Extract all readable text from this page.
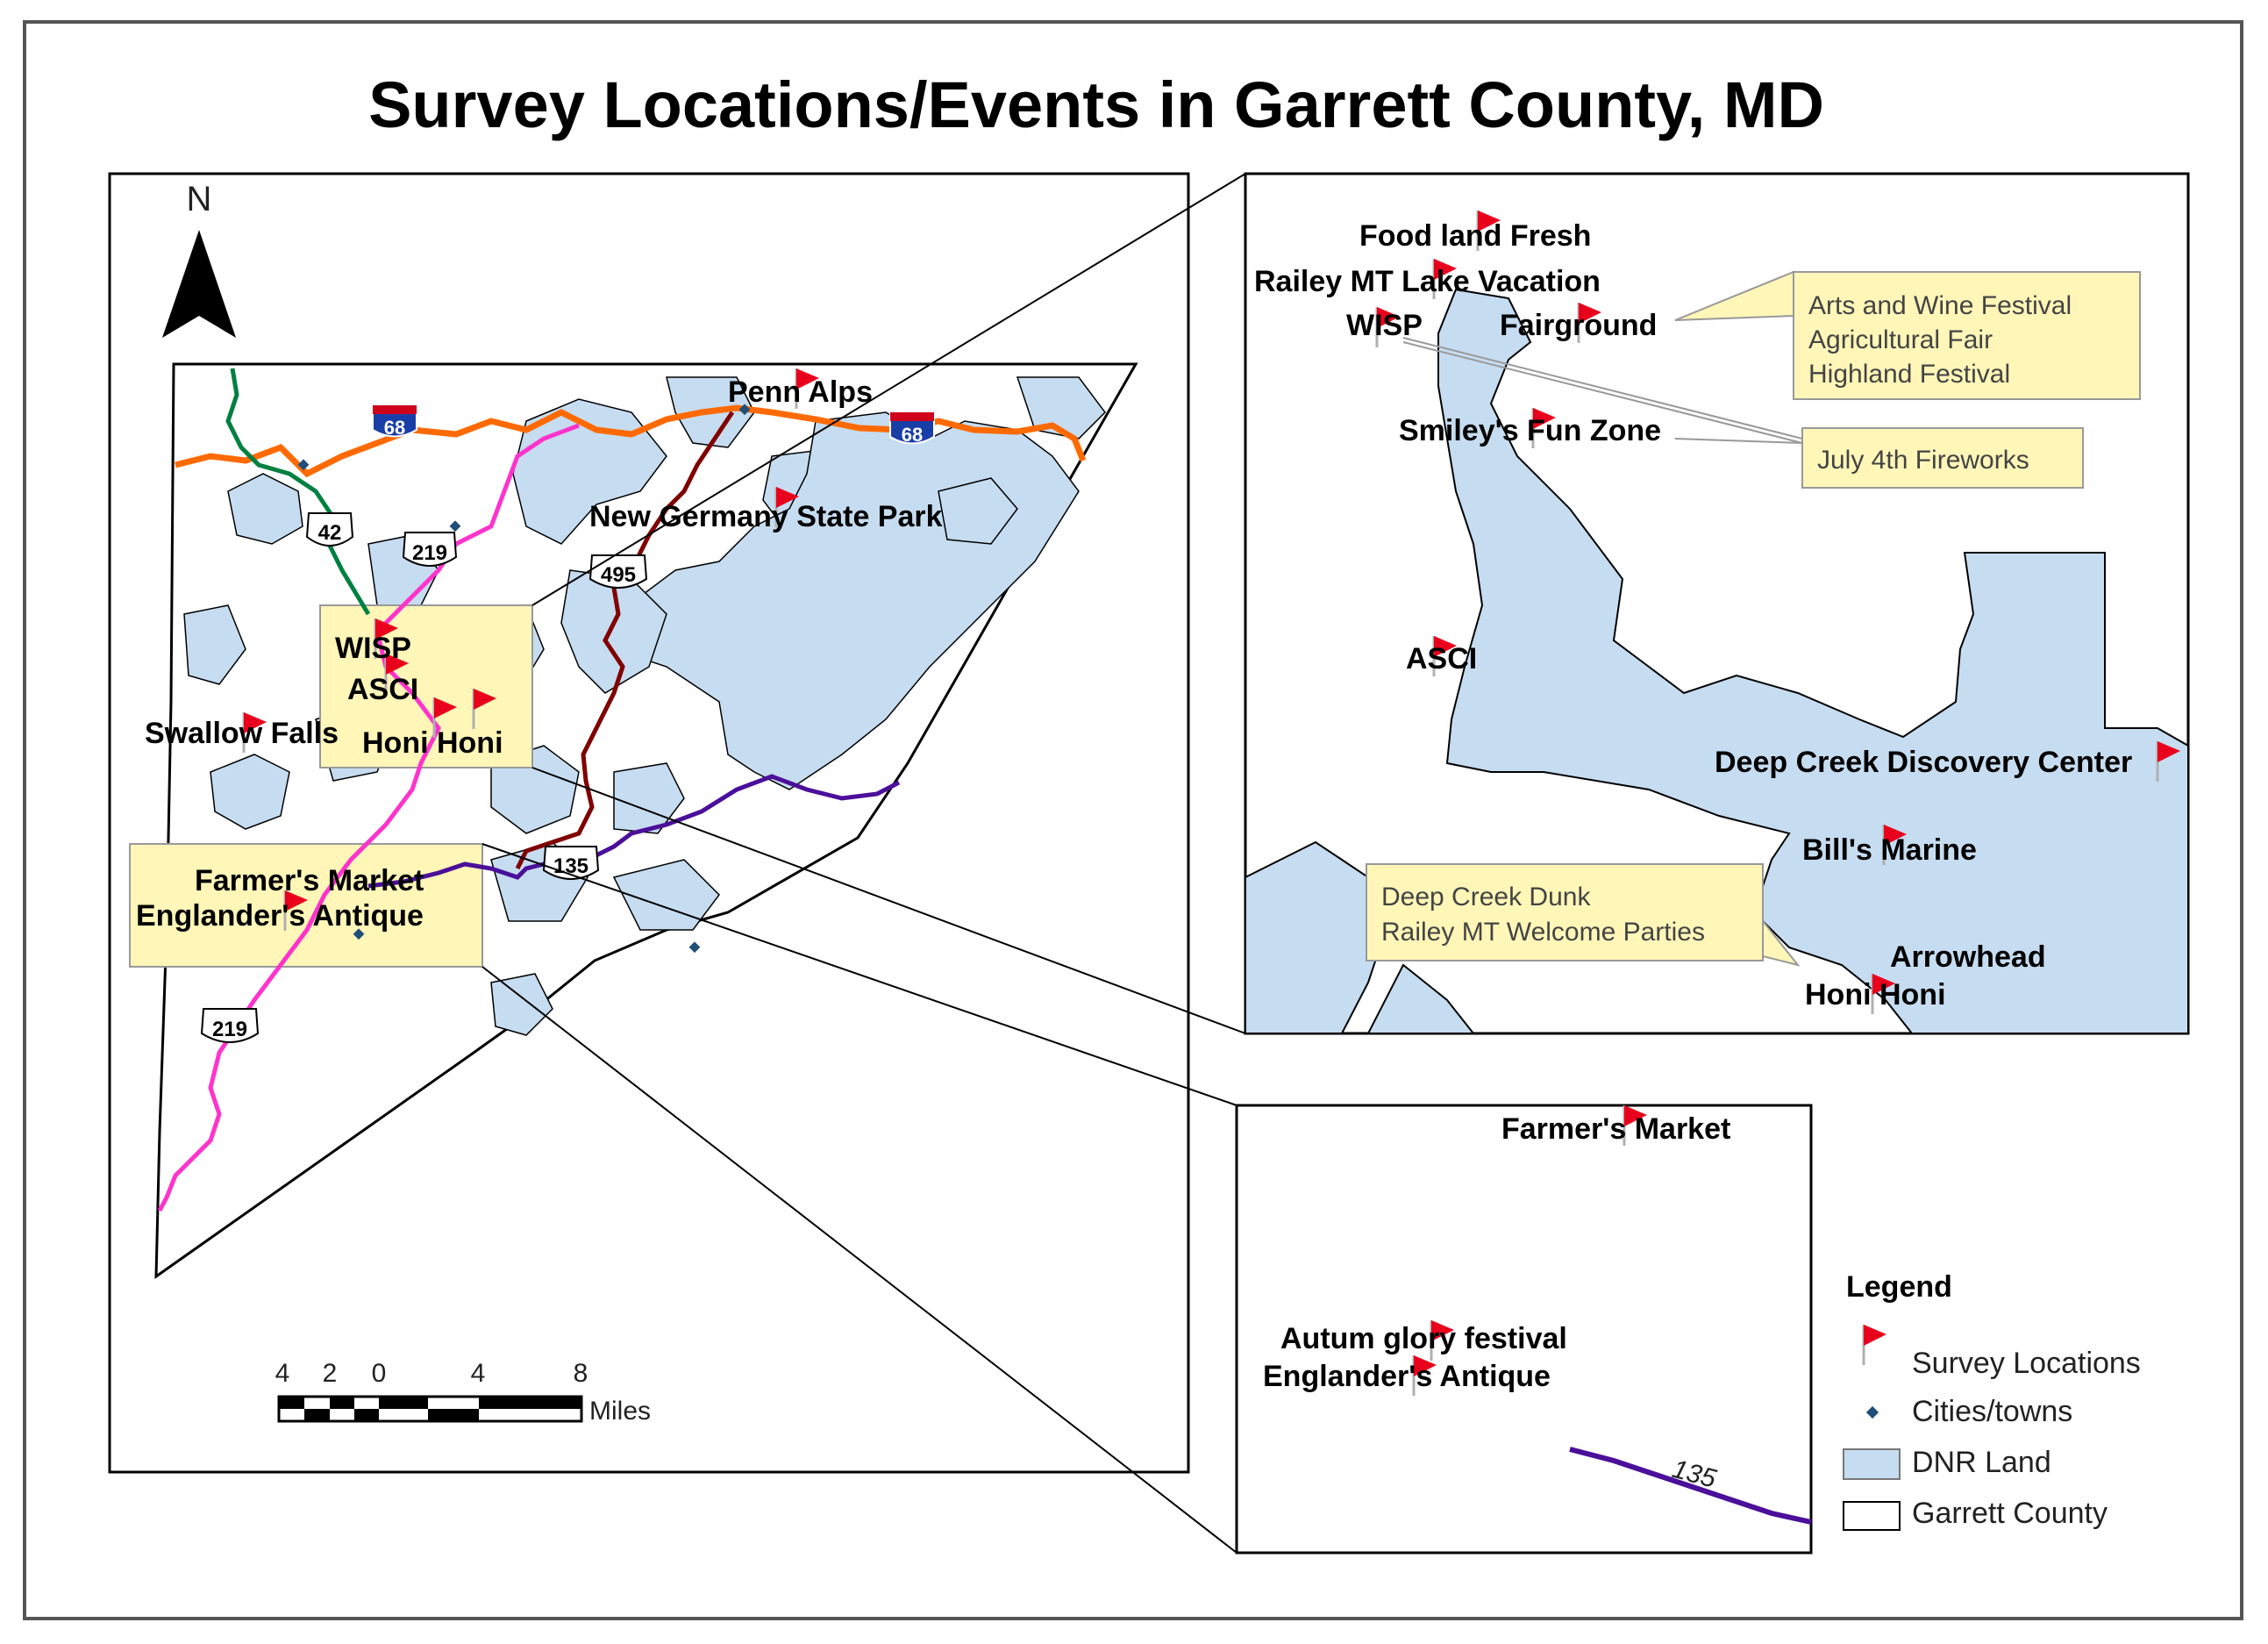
Survey Locations/Events in Garrett County, MD
N
68	68
42
219
495
135
219
Penn Alps
New Germany State Park
WISP
ASCI
Honi Honi
Swallow Falls
Farmer's Market
Englander's Antique
4 2 0	4	8
Miles
Arts and Wine Festival
Agricultural Fair
Highland Festival
July 4th Fireworks
Deep Creek Dunk
Railey MT Welcome Parties
Food land Fresh
Railey MT Lake Vacation
WISP	Fairground
Smiley's Fun Zone
ASCI
Deep Creek Discovery Center
Bill's Marine
Arrowhead
Honi Honi
135
Farmer's Market
Autum glory festival
Englander's Antique
Legend
Survey Locations
Cities/towns
DNR Land
Garrett County
